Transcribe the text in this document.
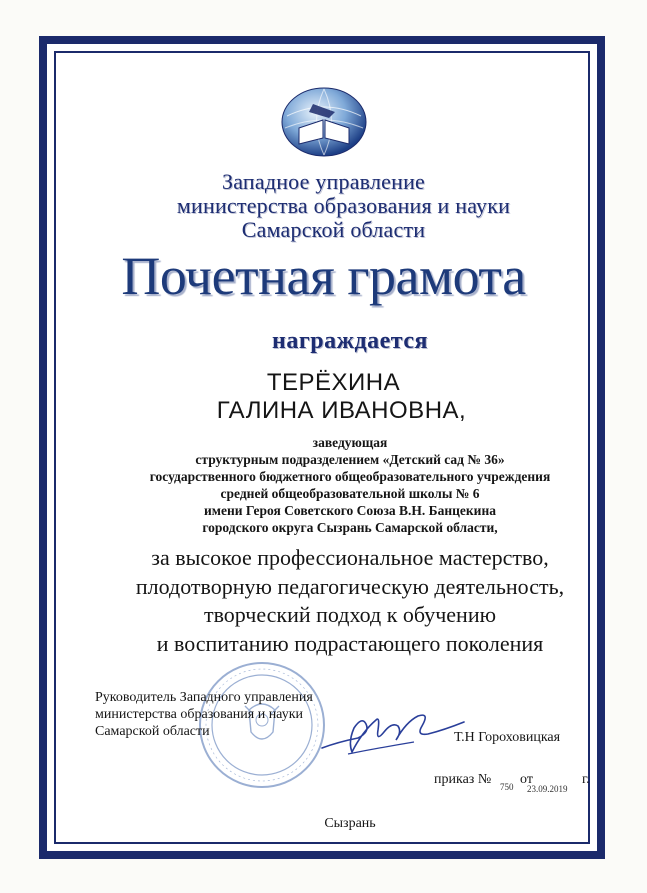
Западное управление
министерства образования и науки
Самарской области
Почетная грамота
награждается
ТЕРЁХИНА
ГАЛИНА ИВАНОВНА,
заведующая
структурным подразделением «Детский сад № 36»
государственного бюджетного общеобразовательного учреждения
средней общеобразовательной школы № 6
имени Героя Советского Союза В.Н. Банцекина
городского округа Сызрань Самарской области,
за высокое профессиональное мастерство,
плодотворную педагогическую деятельность,
творческий подход к обучению
и воспитанию подрастающего поколения
Руководитель Западного управления
министерства образования и науки
Самарской области	Т.Н Гороховицкая
приказ № 750 от
23.09.2019
г.
Сызрань
